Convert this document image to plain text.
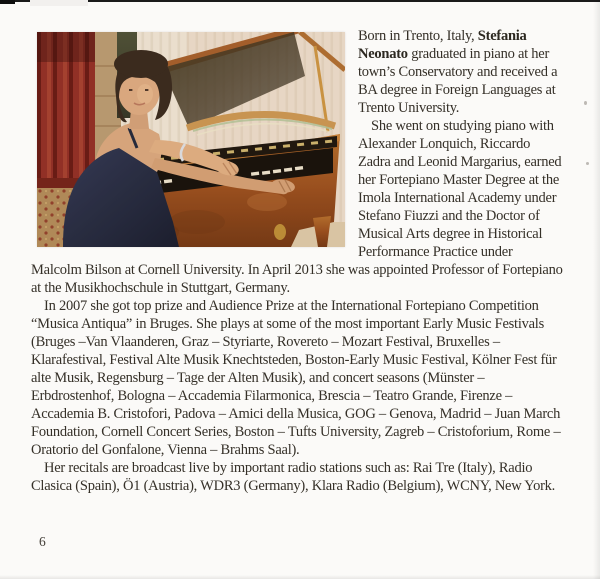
Born in Trento, Italy, Stefania Neonato graduated in piano at her town’s Conservatory and received a BA degree in Foreign Languages at Trento University.

She went on studying piano with Alexander Lonquich, Riccardo Zadra and Leonid Margarius, earned her Fortepiano Master Degree at the Imola International Academy under Stefano Fiuzzi and the Doctor of Musical Arts degree in Historical Performance Practice under Malcolm Bilson at Cornell University. In April 2013 she was appointed Professor of Fortepiano at the Musikhochschule in Stuttgart, Germany.

In 2007 she got top prize and Audience Prize at the International Fortepiano Competition “Musica Antiqua” in Bruges. She plays at some of the most important Early Music Festivals (Bruges –Van Vlaanderen, Graz – Styriarte, Rovereto – Mozart Festival, Bruxelles – Klarafestival, Festival Alte Musik Knechtsteden, Boston-Early Music Festival, Kölner Fest für alte Musik, Regensburg – Tage der Alten Musik), and concert seasons (Münster – Erbdrostenhof, Bologna – Accademia Filarmonica, Brescia – Teatro Grande, Firenze – Accademia B. Cristofori, Padova – Amici della Musica, GOG – Genova, Madrid – Juan March Foundation, Cornell Concert Series, Boston – Tufts University, Zagreb – Cristoforium, Rome – Oratorio del Gonfalone, Vienna – Brahms Saal).

Her recitals are broadcast live by important radio stations such as: Rai Tre (Italy), Radio Clasica (Spain), Ö1 (Austria), WDR3 (Germany), Klara Radio (Belgium), WCNY, New York.

6
